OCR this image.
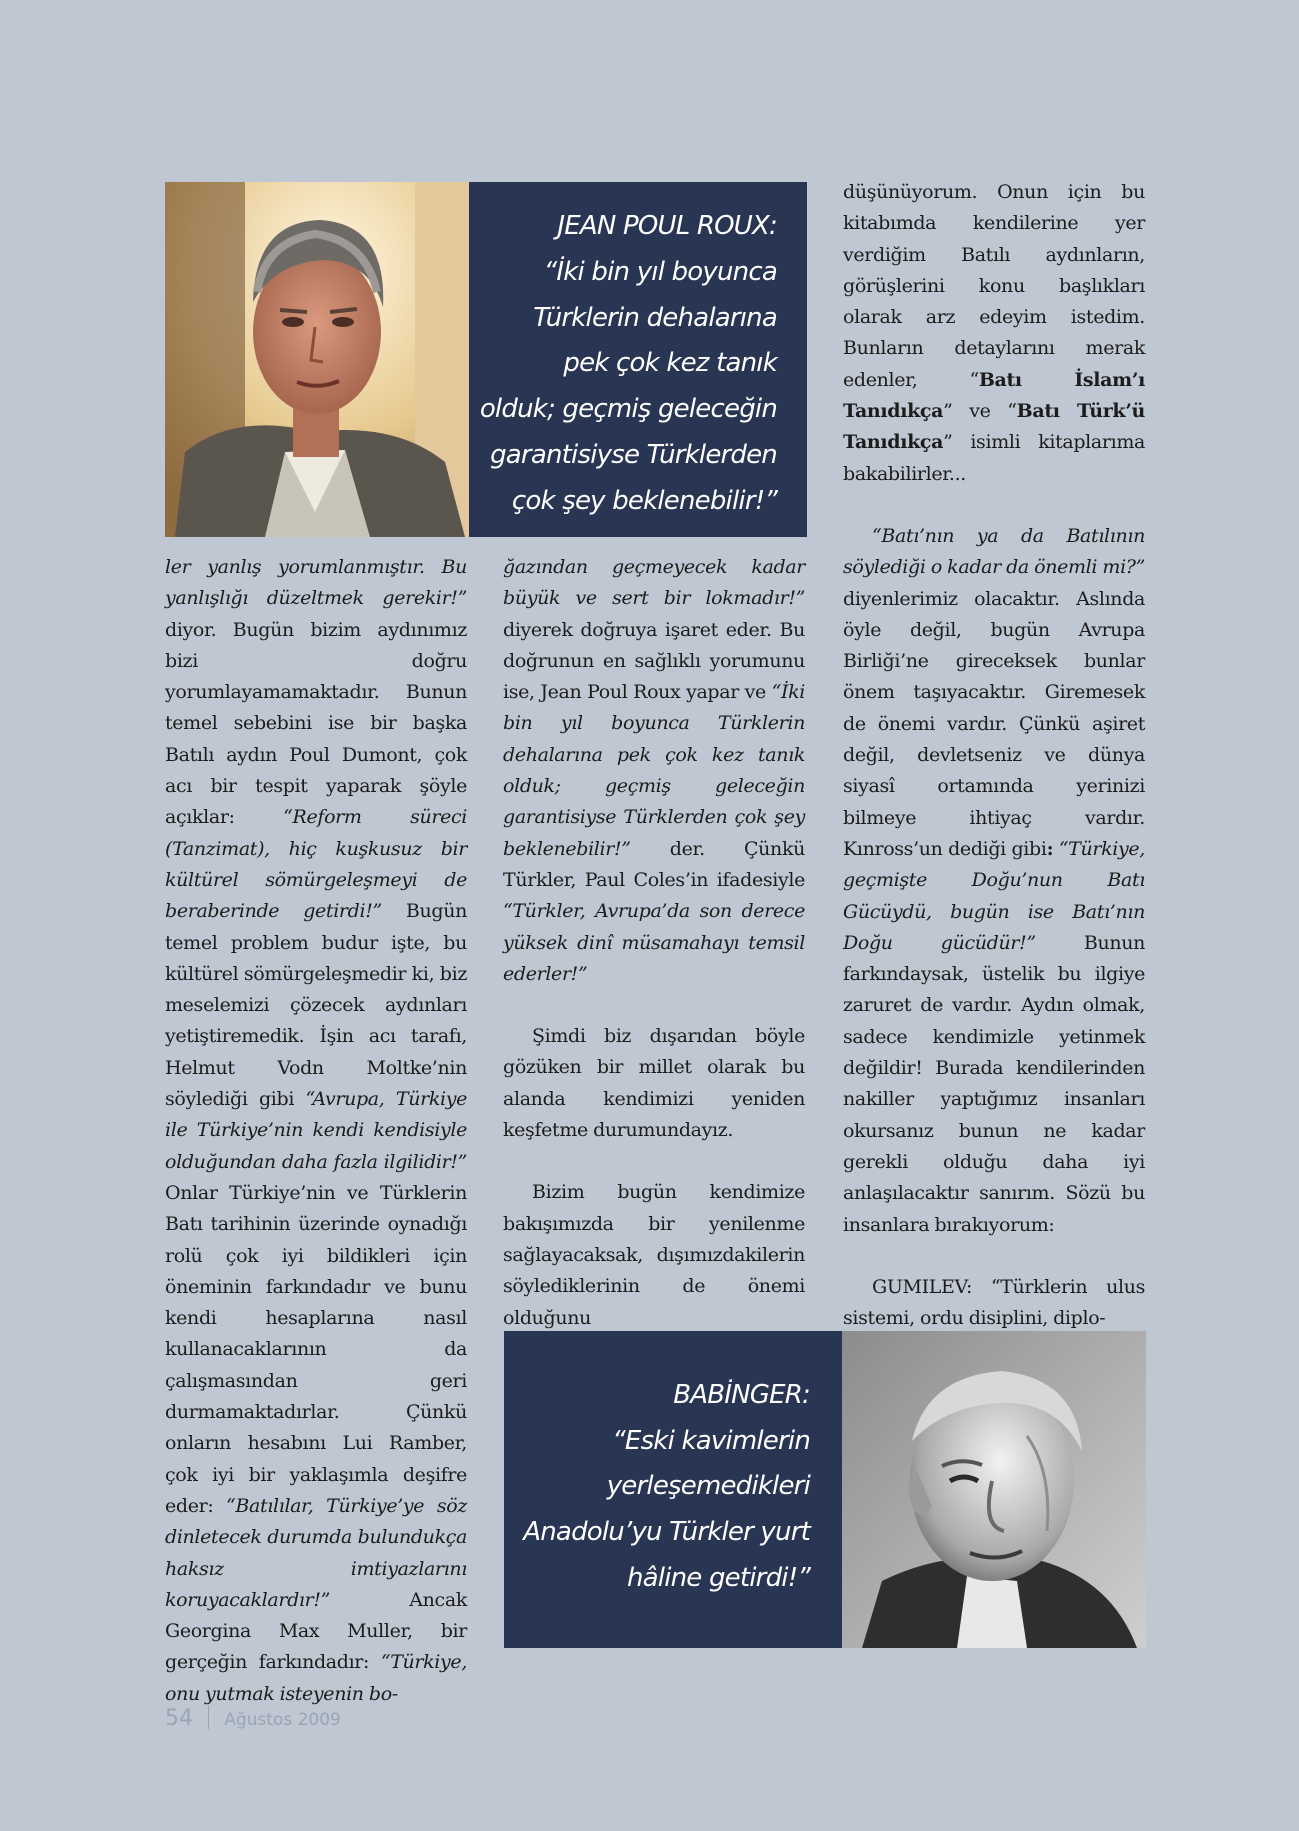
JEAN POUL ROUX:
“İki bin yıl boyunca
Türklerin dehalarına
pek çok kez tanık
olduk; geçmiş geleceğin
garantisiyse Türklerden
çok şey beklenebilir!”

ler yanlış yorumlanmıştır. Bu yanlışlığı düzeltmek gerekir!” diyor. Bugün bizim aydınımız bizi doğru yorumlayamamaktadır. Bunun temel sebebini ise bir başka Batılı aydın Poul Dumont, çok acı bir tespit yaparak şöyle açıklar: “Reform süreci (Tanzimat), hiç kuşkusuz bir kültürel sömürgeleşmeyi de beraberinde getirdi!” Bugün temel problem budur işte, bu kültürel sömürgeleşmedir ki, biz meselemizi çözecek aydınları yetiştiremedik. İşin acı tarafı, Helmut Vodn Moltke’nin söylediği gibi “Avrupa, Türkiye ile Türkiye’nin kendi kendisiyle olduğundan daha fazla ilgilidir!” Onlar Türkiye’nin ve Türklerin Batı tarihinin üzerinde oynadığı rolü çok iyi bildikleri için öneminin farkındadır ve bunu kendi hesaplarına nasıl kullanacaklarının da çalışmasından geri durmamaktadırlar. Çünkü onların hesabını Lui Ramber, çok iyi bir yaklaşımla deşifre eder: “Batılılar, Türkiye’ye söz dinletecek durumda bulundukça haksız imtiyazlarını koruyacaklardır!” Ancak Georgina Max Muller, bir gerçeğin farkındadır: “Türkiye, onu yutmak isteyenin bo-

ğazından geçmeyecek kadar büyük ve sert bir lokmadır!” diyerek doğruya işaret eder. Bu doğrunun en sağlıklı yorumunu ise, Jean Poul Roux yapar ve “İki bin yıl boyunca Türklerin dehalarına pek çok kez tanık olduk; geçmiş geleceğin garantisiyse Türklerden çok şey beklenebilir!” der. Çünkü Türkler, Paul Coles’in ifadesiyle “Türkler, Avrupa’da son derece yüksek dinî müsamahayı temsil ederler!”

Şimdi biz dışarıdan böyle gözüken bir millet olarak bu alanda kendimizi yeniden keşfetme durumundayız.

Bizim bugün kendimize bakışımızda bir yenilenme sağlayacaksak, dışımızdakilerin söylediklerinin de önemi olduğunu

düşünüyorum. Onun için bu kitabımda kendilerine yer verdiğim Batılı aydınların, görüşlerini konu başlıkları olarak arz edeyim istedim. Bunların detaylarını merak edenler, “Batı İslam’ı Tanıdıkça” ve “Batı Türk’ü Tanıdıkça” isimli kitaplarıma bakabilirler...

“Batı’nın ya da Batılının söylediği o kadar da önemli mi?” diyenlerimiz olacaktır. Aslında öyle değil, bugün Avrupa Birliği’ne gireceksek bunlar önem taşıyacaktır. Giremesek de önemi vardır. Çünkü aşiret değil, devletseniz ve dünya siyasî ortamında yerinizi bilmeye ihtiyaç vardır. Kınross’un dediği gibi: “Türkiye, geçmişte Doğu’nun Batı Gücüydü, bugün ise Batı’nın Doğu gücüdür!” Bunun farkındaysak, üstelik bu ilgiye zaruret de vardır. Aydın olmak, sadece kendimizle yetinmek değildir! Burada kendilerinden nakiller yaptığımız insanları okursanız bunun ne kadar gerekli olduğu daha iyi anlaşılacaktır sanırım. Sözü bu insanlara bırakıyorum:

GUMILEV: “Türklerin ulus sistemi, ordu disiplini, diplo-

BABİNGER:
“Eski kavimlerin
yerleşemedikleri
Anadolu’yu Türkler yurt
hâline getirdi!”
54 Ağustos 2009
